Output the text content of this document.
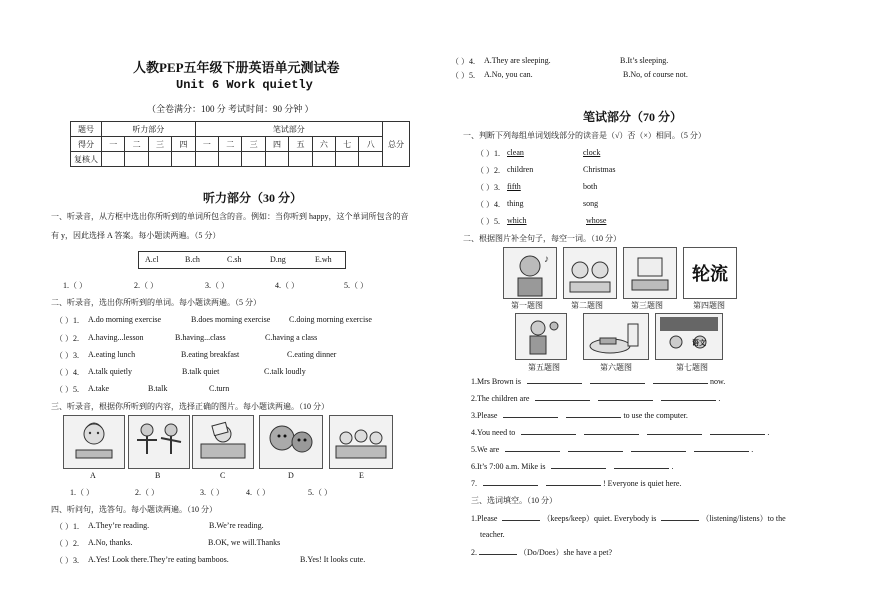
人教PEP五年级下册英语单元测试卷
Unit 6 Work quietly
（全卷满分：100 分 考试时间：90 分钟 ）
题号	听力部分				笔试部分								总分
得分	一	二	三	四	一	二	三	四	五	六	七	八	
复核人													
听力部分（30 分）
一、听录音，从方框中选出你所听到的单词所包含的音。例如：当你听到 happy，这个单词所包含的音
有 y，因此选择 A 答案。每小题读两遍。（5 分）
A.cl	B.ch	C.sh	D.ng	E.wh
1.（ ）	2.（ ）	3.（ ）	4.（ ）	5.（ ）
二、听录音，选出你所听到的单词。每小题读两遍。（5 分）
（ ）1. A.do morning exercise	B.does morning exercise C.doing morning exercise
（ ）2. A.having...lesson	B.having...class	C.having a class
（ ）3. A.eating lunch	B.eating breakfast	C.eating dinner
（ ）4. A.talk quietly	B.talk quiet	C.talk loudly
（ ）5. A.take	B.talk	C.turn
三、听录音，根据你所听到的内容，选择正确的图片。每小题读两遍。（10 分）
A	B	C	D	E
1.（ ）	2.（ ）	3.（ ）	4.（ ）	5.（ ）
四、听问句，选答句。每小题读两遍。（10 分）
（ ）1. A.They’re reading.	B.We’re reading.
（ ）2. A.No, thanks.	B.OK, we will.Thanks
（ ）3. A.Yes! Look there.They’re eating bamboos.	B.Yes! It looks cute.
（ ）4. A.They are sleeping.	B.It’s sleeping.
（ ）5. A.No, you can.	B.No, of course not.
笔试部分（70 分）
一、判断下列每组单词划线部分的读音是（√）否（×）相同。（5 分）
（ ）1. clean	clock
（ ）2. children	Christmas
（ ）3. fifth	both
（ ）4. thing	song
（ ）5. which	whose
二、根据图片补全句子，每空一词。（10 分）
♪
轮流
第一题图	第二题图	第三题图	第四题图
语文
第五题图	第六题图	第七题图
1.Mrs Brown is	now.
2.The children are	.
3.Please	to use the computer.
4.You need to	.
5.We are	.
6.It’s 7:00 a.m. Mike is	.
7.	! Everyone is quiet here.
三、选词填空。（10 分）
1.Please	（keeps/keep）quiet. Everybody is	（listening/listens）to the
teacher.
2.	（Do/Does）she have a pet?
